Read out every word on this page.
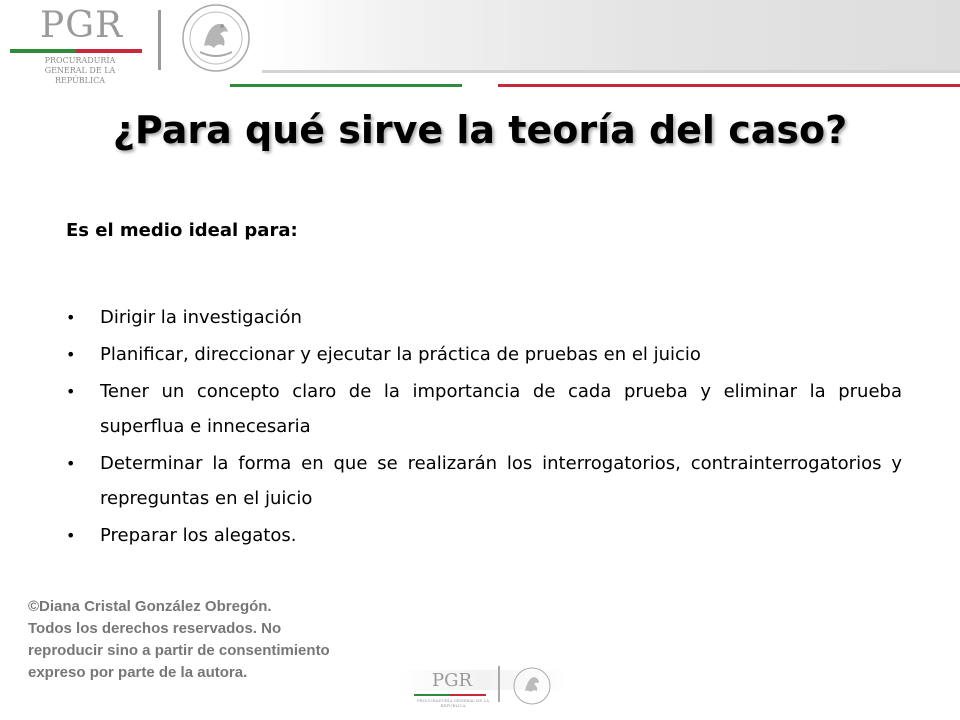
PGR
PROCURADURÍA GENERAL DE LA REPÚBLICA
¿Para qué sirve la teoría del caso?
Es el medio ideal para:
• Dirigir la investigación
• Planificar, direccionar y ejecutar la práctica de pruebas en el juicio
• Tener un concepto claro de la importancia de cada prueba y eliminar la prueba superflua e innecesaria
• Determinar la forma en que se realizarán los interrogatorios, contrainterrogatorios y repreguntas en el juicio
• Preparar los alegatos.
©Diana Cristal González Obregón.
Todos los derechos reservados. No
reproducir sino a partir de consentimiento
expreso por parte de la autora.	PGR
PROCURADURÍA GENERAL DE LA REPÚBLICA
